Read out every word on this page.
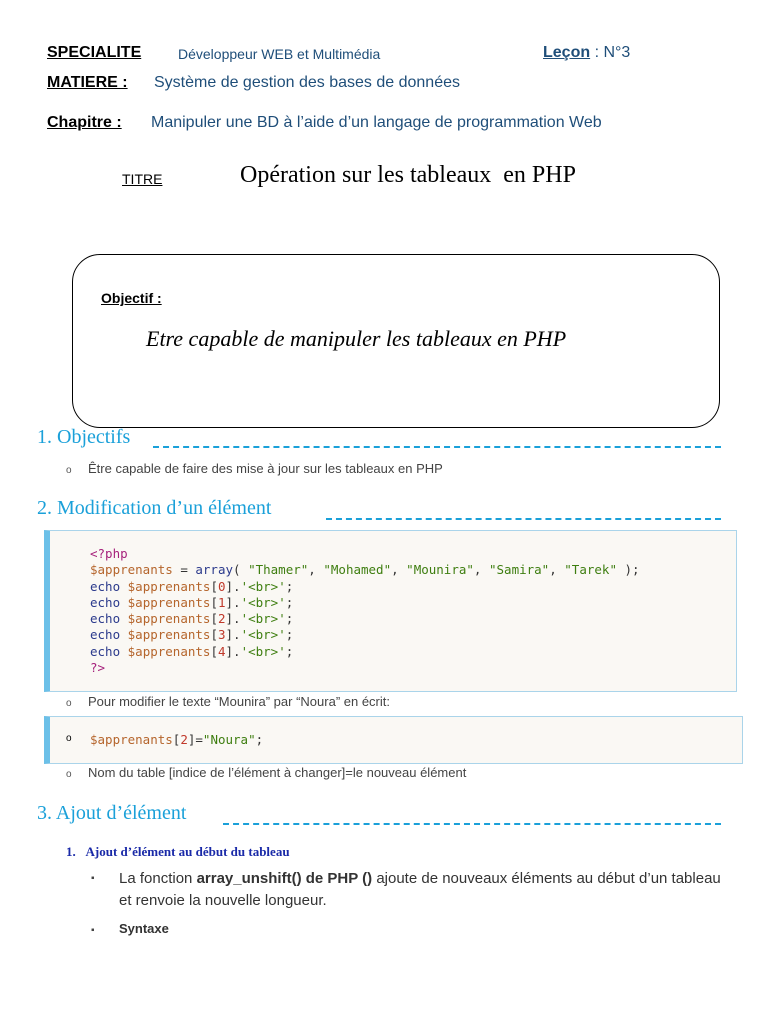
SPECIALITE	Développeur WEB et Multimédia	Leçon : N°3
MATIERE : Système de gestion des bases de données
Chapitre : Manipuler une BD à l’aide d’un langage de programmation Web
TITRE	Opération sur les tableaux  en PHP
Objectif :
Etre capable de manipuler les tableaux en PHP
1. Objectifs
o Être capable de faire des mise à jour sur les tableaux en PHP
2. Modification d’un élément
<?php
$apprenants = array( "Thamer", "Mohamed", "Mounira", "Samira", "Tarek" );
echo $apprenants[0].'<br>';
echo $apprenants[1].'<br>';
echo $apprenants[2].'<br>';
echo $apprenants[3].'<br>';
echo $apprenants[4].'<br>';
?>
o Pour modifier le texte “Mounira” par “Noura” en écrit:
o $apprenants[2]="Noura";
o Nom du table [indice de l’élément à changer]=le nouveau élément
3. Ajout d’élément
1. Ajout d’élément au début du tableau
▪	La fonction array_unshift() de PHP () ajoute de nouveaux éléments au début d’un tableau et renvoie la nouvelle longueur.
▪ Syntaxe
